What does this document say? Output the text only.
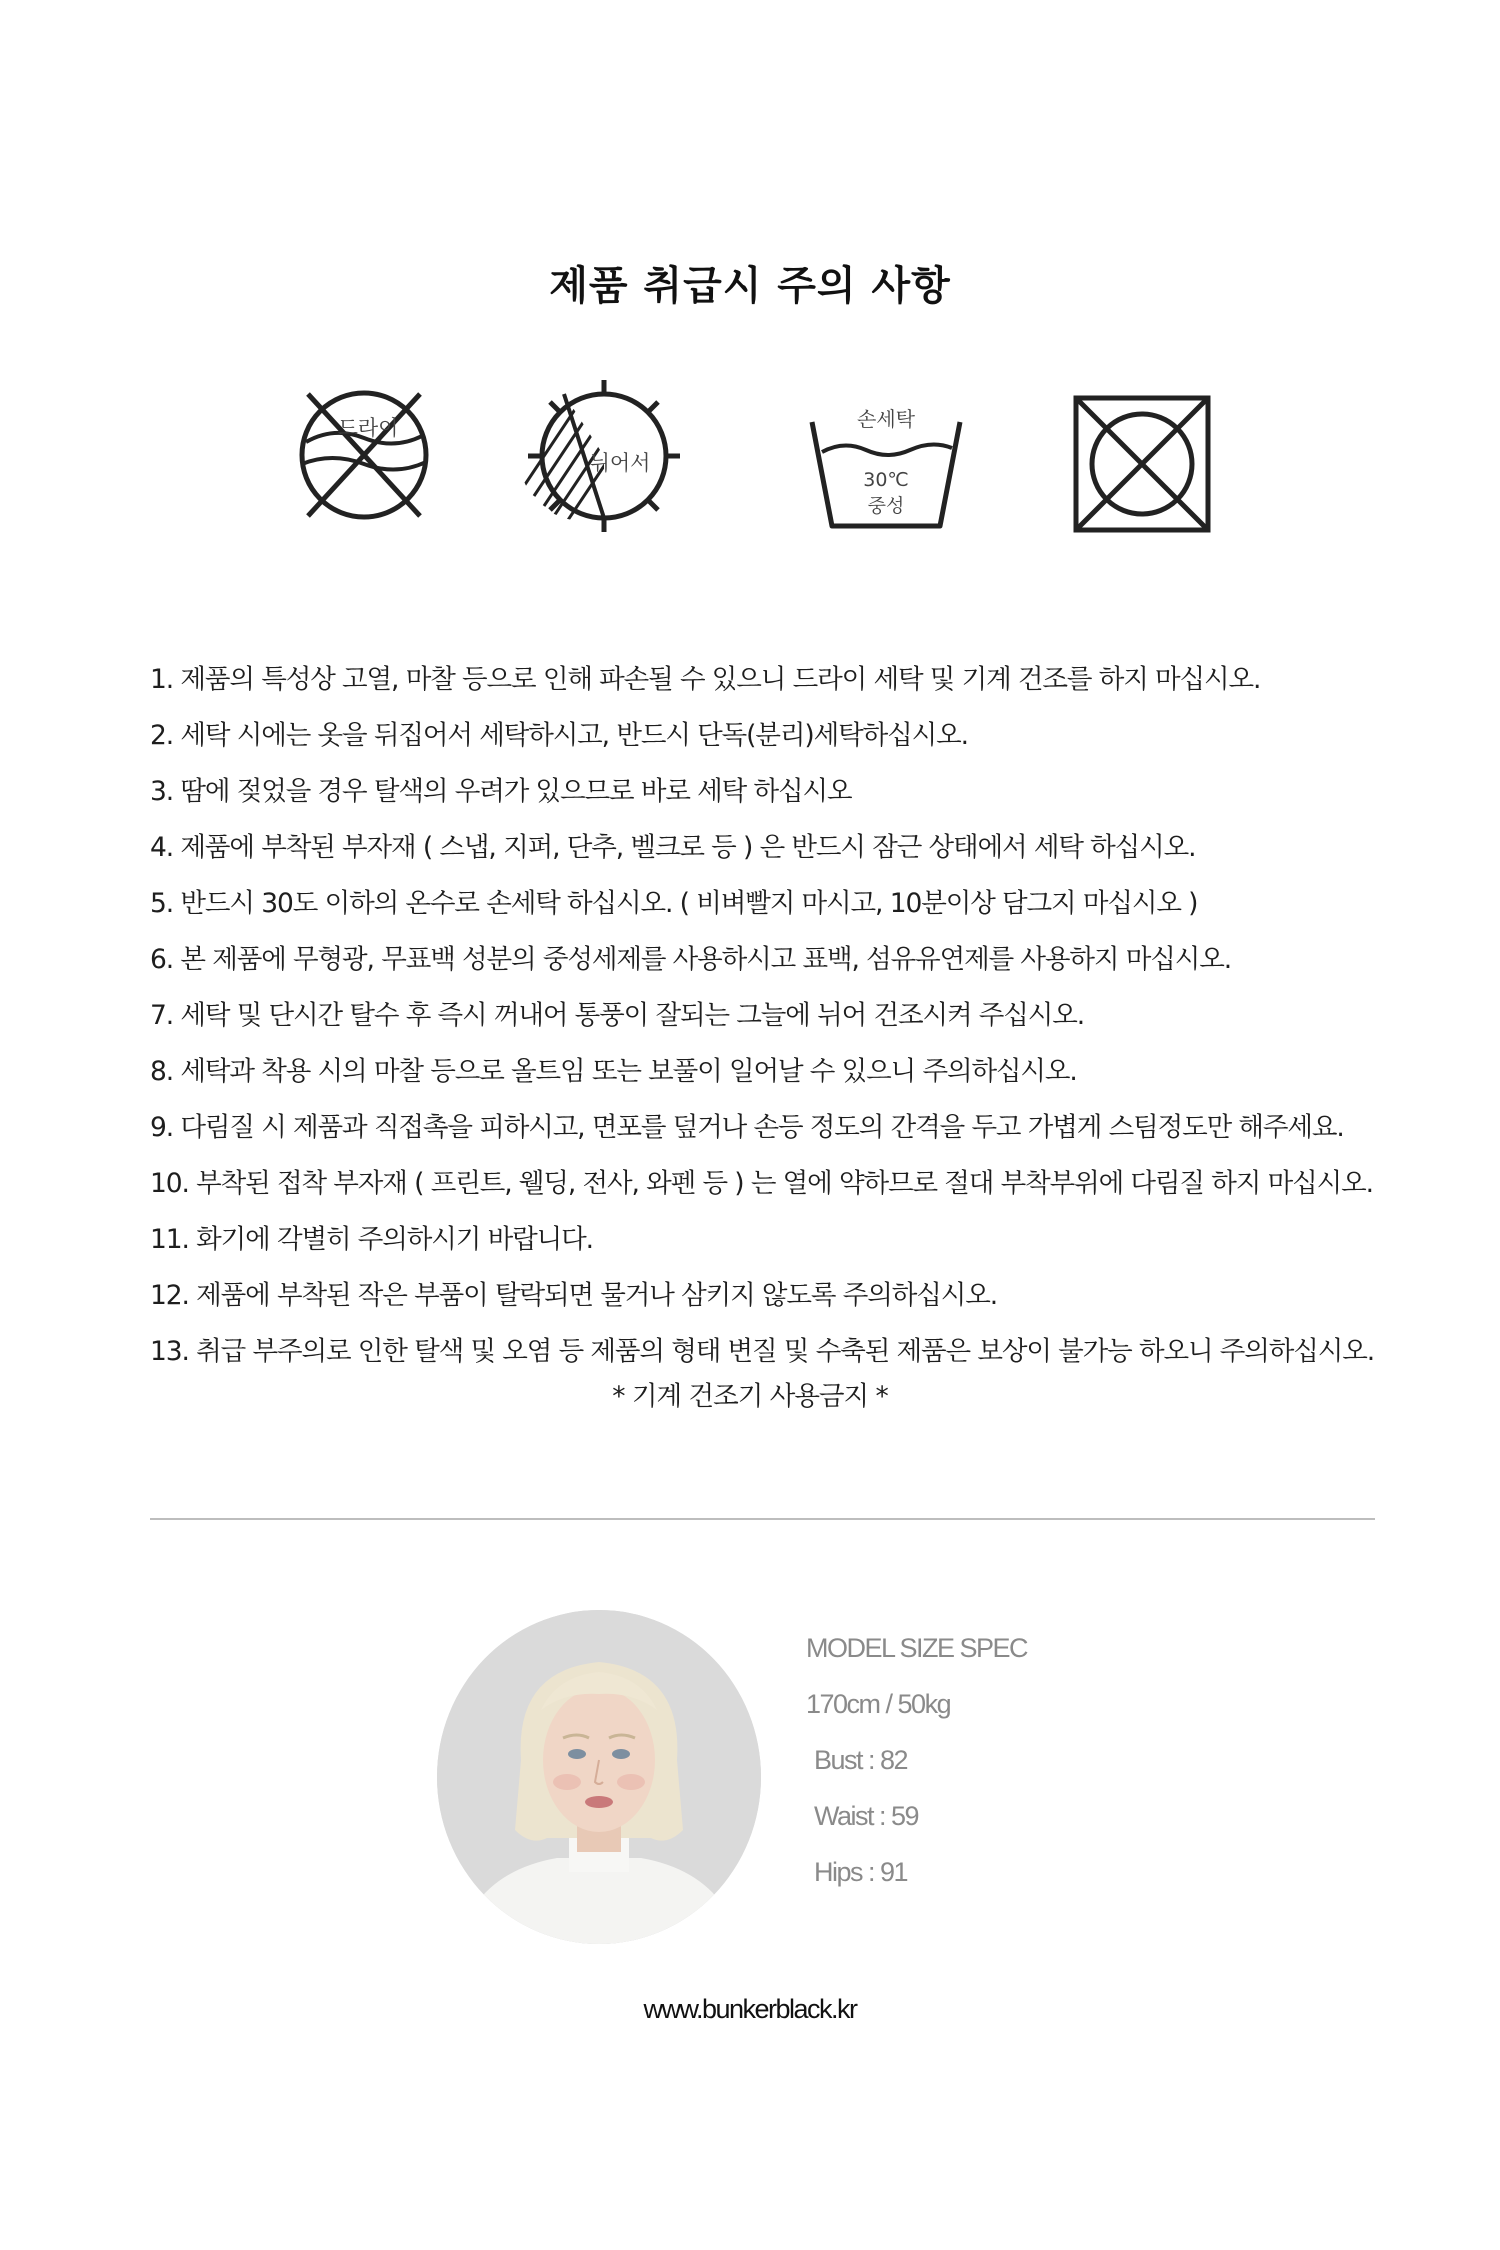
제품 취급시 주의 사항
드라이
뉘어서
손세탁
30℃
중성
1. 제품의 특성상 고열, 마찰 등으로 인해 파손될 수 있으니 드라이 세탁 및 기계 건조를 하지 마십시오.
2. 세탁 시에는 옷을 뒤집어서 세탁하시고, 반드시 단독(분리)세탁하십시오.
3. 땀에 젖었을 경우 탈색의 우려가 있으므로 바로 세탁 하십시오
4. 제품에 부착된 부자재 ( 스냅, 지퍼, 단추, 벨크로 등 ) 은 반드시 잠근 상태에서 세탁 하십시오.
5. 반드시 30도 이하의 온수로 손세탁 하십시오. ( 비벼빨지 마시고, 10분이상 담그지 마십시오 )
6. 본 제품에 무형광, 무표백 성분의 중성세제를 사용하시고 표백, 섬유유연제를 사용하지 마십시오.
7. 세탁 및 단시간 탈수 후 즉시 꺼내어 통풍이 잘되는 그늘에 뉘어 건조시켜 주십시오.
8. 세탁과 착용 시의 마찰 등으로 올트임 또는 보풀이 일어날 수 있으니 주의하십시오.
9. 다림질 시 제품과 직접촉을 피하시고, 면포를 덮거나 손등 정도의 간격을 두고 가볍게 스팀정도만 해주세요.
10. 부착된 접착 부자재 ( 프린트, 웰딩, 전사, 와펜 등 ) 는 열에 약하므로 절대 부착부위에 다림질 하지 마십시오.
11. 화기에 각별히 주의하시기 바랍니다.
12. 제품에 부착된 작은 부품이 탈락되면 물거나 삼키지 않도록 주의하십시오.
13. 취급 부주의로 인한 탈색 및 오염 등 제품의 형태 변질 및 수축된 제품은 보상이 불가능 하오니 주의하십시오.
* 기계 건조기 사용금지 *
MODEL SIZE SPEC
170cm / 50kg
Bust : 82
Waist : 59
Hips : 91
www.bunkerblack.kr
